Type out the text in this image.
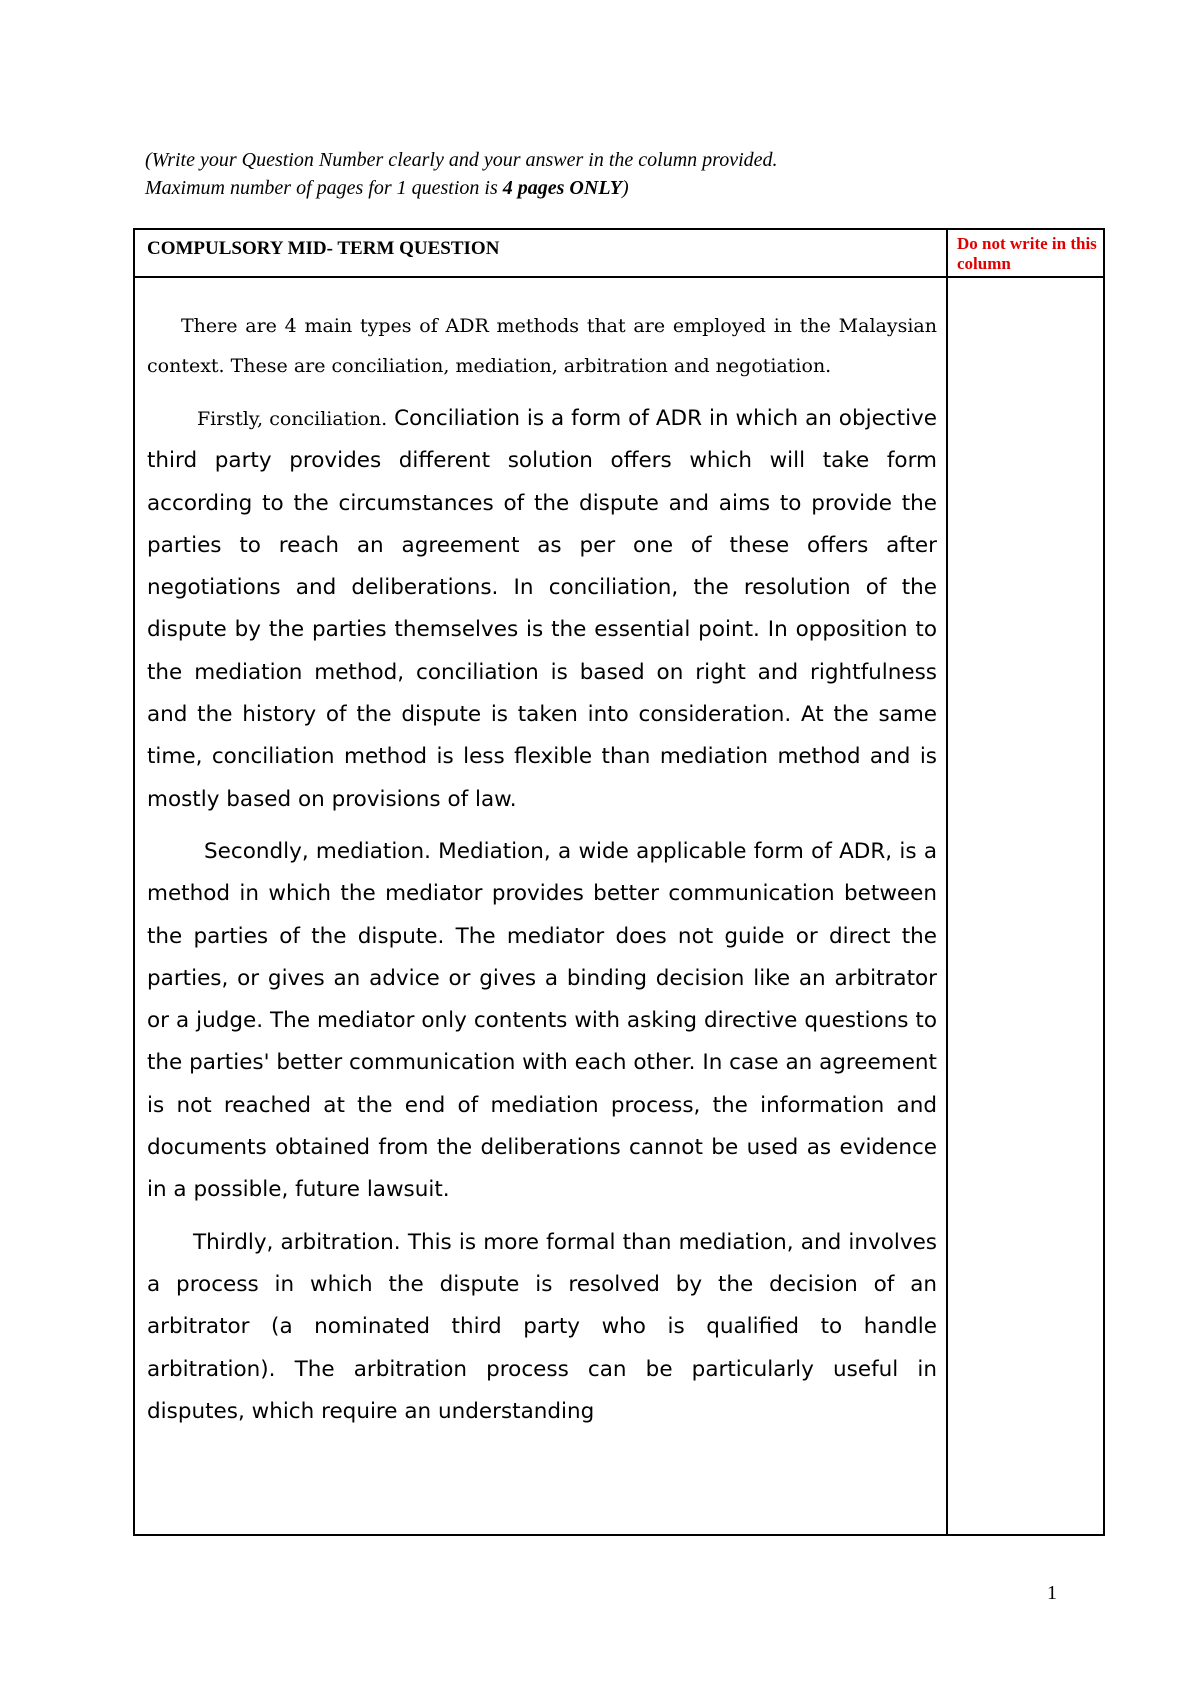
(Write your Question Number clearly and your answer in the column provided.
Maximum number of pages for 1 question is 4 pages ONLY)
COMPULSORY MID- TERM QUESTION	Do not write in this column

There are 4 main types of ADR methods that are employed in the Malaysian context. These are conciliation, mediation, arbitration and negotiation.

Firstly, conciliation. Conciliation is a form of ADR in which an objective third party provides different solution offers which will take form according to the circumstances of the dispute and aims to provide the parties to reach an agreement as per one of these offers after negotiations and deliberations. In conciliation, the resolution of the dispute by the parties themselves is the essential point. In opposition to the mediation method, conciliation is based on right and rightfulness and the history of the dispute is taken into consideration. At the same time, conciliation method is less flexible than mediation method and is mostly based on provisions of law.

Secondly, mediation. Mediation, a wide applicable form of ADR, is a method in which the mediator provides better communication between the parties of the dispute. The mediator does not guide or direct the parties, or gives an advice or gives a binding decision like an arbitrator or a judge. The mediator only contents with asking directive questions to the parties' better communication with each other. In case an agreement is not reached at the end of mediation process, the information and documents obtained from the deliberations cannot be used as evidence in a possible, future lawsuit.

Thirdly, arbitration. This is more formal than mediation, and involves a process in which the dispute is resolved by the decision of an arbitrator (a nominated third party who is qualified to handle arbitration). The arbitration process can be particularly useful in disputes, which require an understanding

1
